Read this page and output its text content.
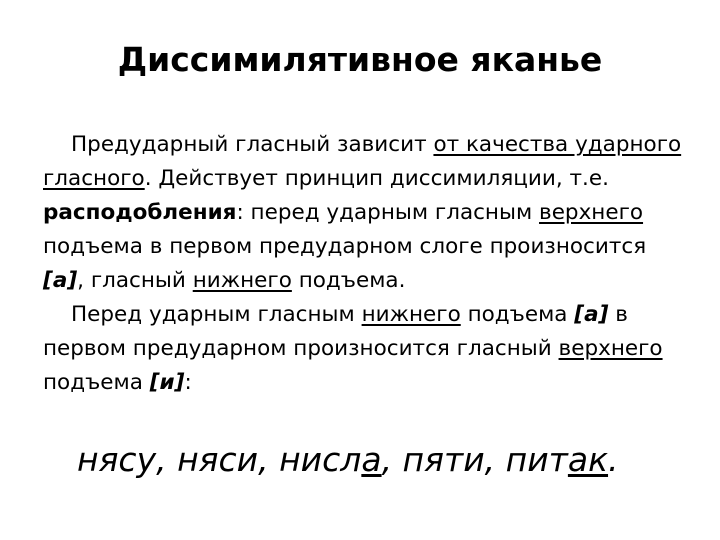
Диссимилятивное яканье

Предударный гласный зависит от качества ударного гласного. Действует принцип диссимиляции, т.е. расподобления: перед ударным гласным верхнего подъема в первом предударном слоге произносится [а], гласный нижнего подъема.

Перед ударным гласным нижнего подъема [а] в первом предударном произносится гласный верхнего подъема [и]:

нясу, няси, нисла, пяти, питак.
